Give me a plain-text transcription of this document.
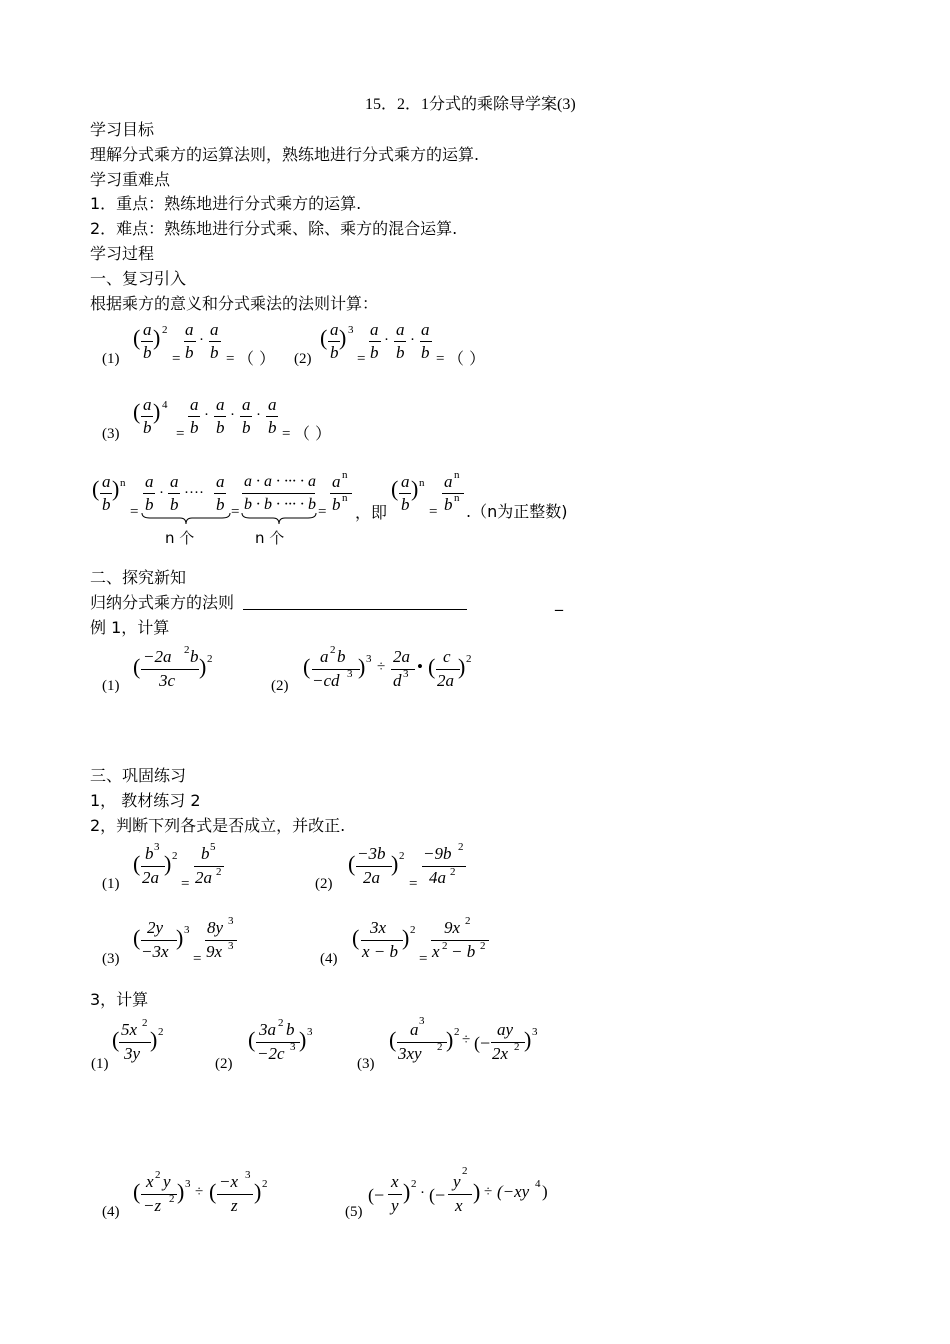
15．2．1分式的乘除导学案(3)
学习目标
理解分式乘方的运算法则，熟练地进行分式乘方的运算.
学习重难点
1．重点：熟练地进行分式乘方的运算.
2．难点：熟练地进行分式乘、除、乘方的混合运算.
学习过程
一、复习引入
根据乘方的意义和分式乘法的法则计算：
(1)
( a
b
) 2
=
a
b
·
a
b = （ ） (2)
( a
b
) 3
=
a
b
·
a
b
·
a
b = （ ）
(3)
( a
b
) 4
=
a
b
·
a
b
·
a
b
·
a
b = （ ）
( a
b
) n
=
a
b
·
a
b
····
a
b
n 个
=
a · a · ··· · a
b · b · ··· · b
n 个
=
a n
b n
，即
( a
b
) n
=
a n
b n
.（n为正整数)
二、探究新知
归纳分式乘方的法则	_
例 1，计算
(1)
( −2a 2 b
3c
) 2
(2)
( a 2 b
−cd 3 ) 3 ÷
2a
d 3 • ( c
2a
) 2
三、巩固练习
1， 教材练习 2
2，判断下列各式是否成立，并改正.
(1)
( b 3
2a
) 2
=
b 5
2a 2
(2)
( −3b
2a
) 2
=
−9b 2
4a 2
(3)
( 2y
−3x
) 3
=
8y 3
9x 3
(4)
( 3x
x − b
) 2
=
9x 2
x 2 − b 2
3，计算
(1)
( 5x 2
3y
) 2
(2)
( 3a 2 b
−2c 3 ) 3
(3)
( a 3
3xy 2 ) 2 ÷ (−
ay
2x 2 ) 3
(4)
( x 2 y
−z 2 ) 3 ÷ ( −x 3
z
) 2
(5)
(−
x
y
) 2
· (−
y
2
x
) ÷ (−xy 4 )
